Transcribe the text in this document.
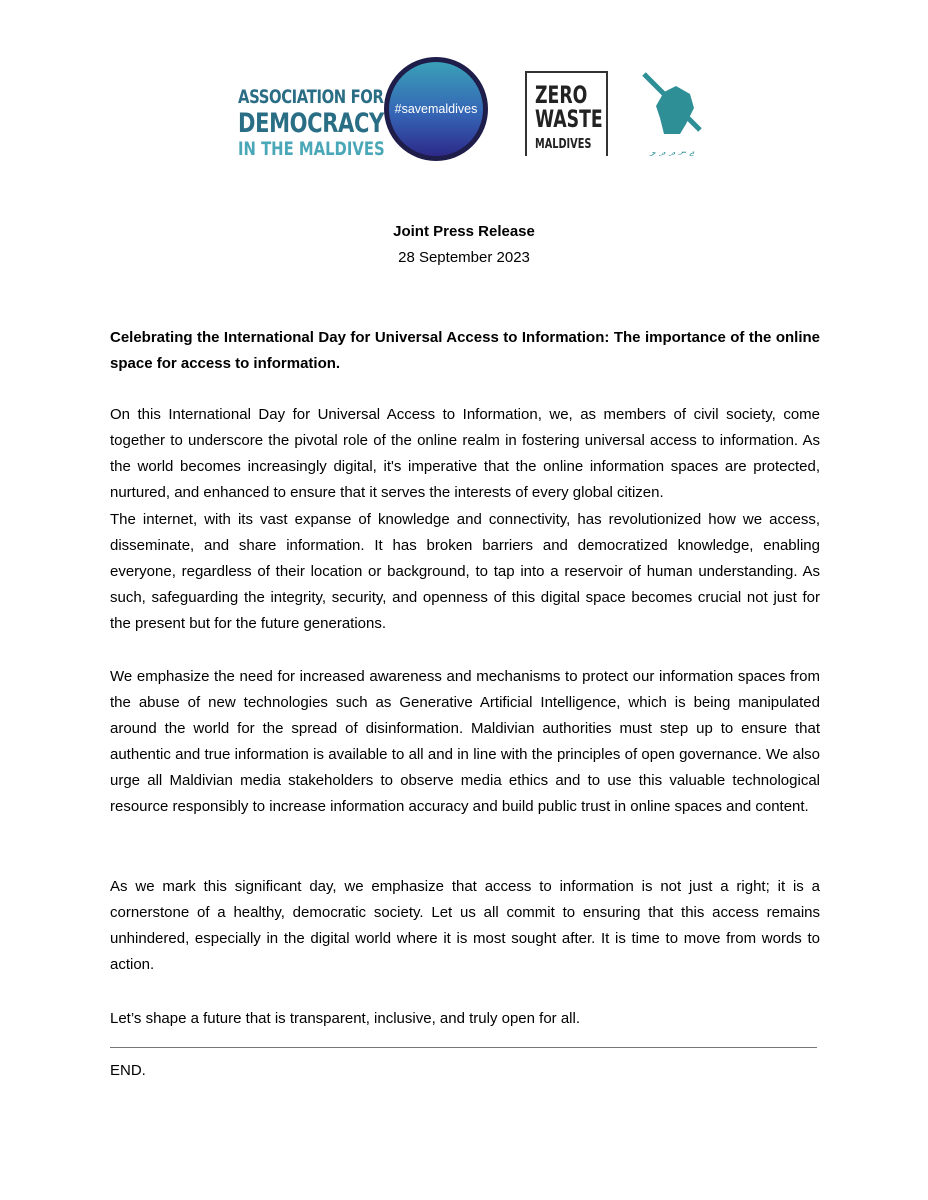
ASSOCIATION FOR
DEMOCRACY
IN THE MALDIVES
#savemaldives ZERO
WASTE
MALDIVES
ޖ ނ ދ ދ ލ
Joint Press Release
28 September 2023
Celebrating the International Day for Universal Access to Information: The importance of the online space for access to information.

On this International Day for Universal Access to Information, we, as members of civil society, come together to underscore the pivotal role of the online realm in fostering universal access to information. As the world becomes increasingly digital, it's imperative that the online information spaces are protected, nurtured, and enhanced to ensure that it serves the interests of every global citizen.

The internet, with its vast expanse of knowledge and connectivity, has revolutionized how we access, disseminate, and share information. It has broken barriers and democratized knowledge, enabling everyone, regardless of their location or background, to tap into a reservoir of human understanding. As such, safeguarding the integrity, security, and openness of this digital space becomes crucial not just for the present but for the future generations.

We emphasize the need for increased awareness and mechanisms to protect our information spaces from the abuse of new technologies such as Generative Artificial Intelligence, which is being manipulated around the world for the spread of disinformation. Maldivian authorities must step up to ensure that authentic and true information is available to all and in line with the principles of open governance. We also urge all Maldivian media stakeholders to observe media ethics and to use this valuable technological resource responsibly to increase information accuracy and build public trust in online spaces and content.

As we mark this significant day, we emphasize that access to information is not just a right; it is a cornerstone of a healthy, democratic society. Let us all commit to ensuring that this access remains unhindered, especially in the digital world where it is most sought after. It is time to move from words to action.

Let’s shape a future that is transparent, inclusive, and truly open for all.

END.
